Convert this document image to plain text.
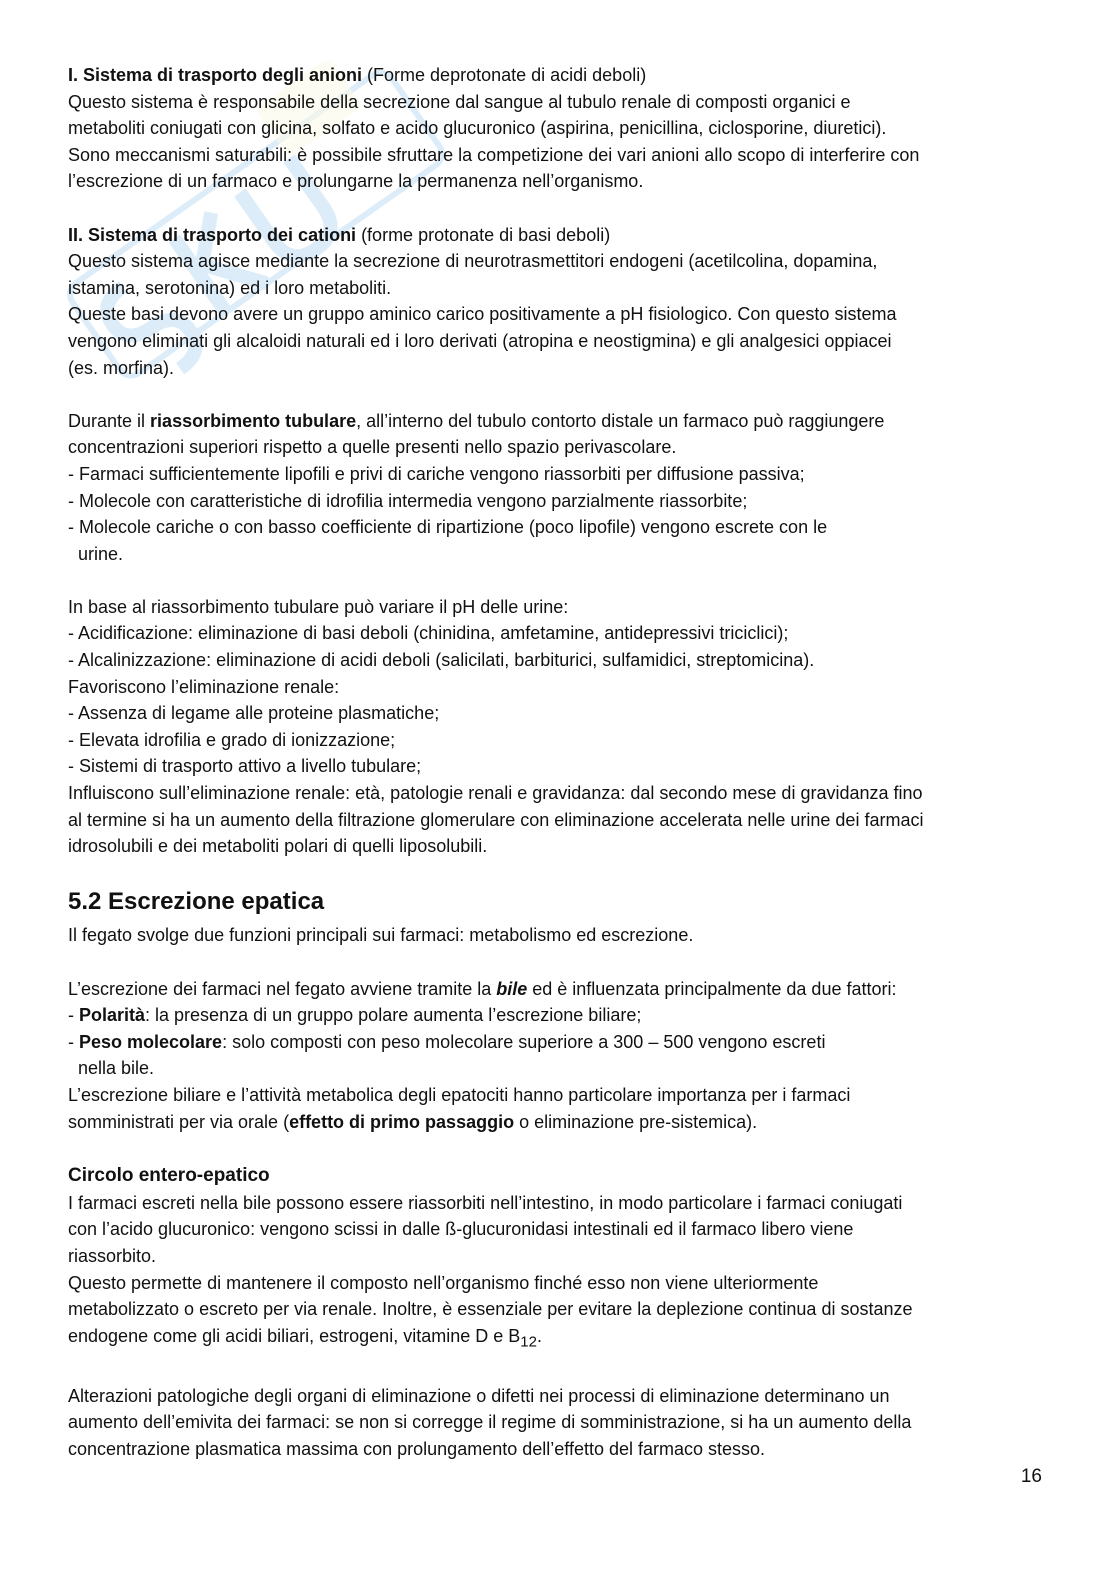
I. Sistema di trasporto degli anioni (Forme deprotonate di acidi deboli)
Questo sistema è responsabile della secrezione dal sangue al tubulo renale di composti organici e
metaboliti coniugati con glicina, solfato e acido glucuronico (aspirina, penicillina, ciclosporine, diuretici).
Sono meccanismi saturabili: è possibile sfruttare la competizione dei vari anioni allo scopo di interferire con
l’escrezione di un farmaco e prolungarne la permanenza nell’organismo.
II. Sistema di trasporto dei cationi (forme protonate di basi deboli)
Questo sistema agisce mediante la secrezione di neurotrasmettitori endogeni (acetilcolina, dopamina,
istamina, serotonina) ed i loro metaboliti.
Queste basi devono avere un gruppo aminico carico positivamente a pH fisiologico. Con questo sistema
vengono eliminati gli alcaloidi naturali ed i loro derivati (atropina e neostigmina) e gli analgesici oppiacei
(es. morfina).
Durante il riassorbimento tubulare, all’interno del tubulo contorto distale un farmaco può raggiungere
concentrazioni superiori rispetto a quelle presenti nello spazio perivascolare.
- Farmaci sufficientemente lipofili e privi di cariche vengono riassorbiti per diffusione passiva;
- Molecole con caratteristiche di idrofilia intermedia vengono parzialmente riassorbite;
- Molecole cariche o con basso coefficiente di ripartizione (poco lipofile) vengono escrete con le
urine.
In base al riassorbimento tubulare può variare il pH delle urine:
- Acidificazione: eliminazione di basi deboli (chinidina, amfetamine, antidepressivi triciclici);
- Alcalinizzazione: eliminazione di acidi deboli (salicilati, barbiturici, sulfamidici, streptomicina).
Favoriscono l’eliminazione renale:
- Assenza di legame alle proteine plasmatiche;
- Elevata idrofilia e grado di ionizzazione;
- Sistemi di trasporto attivo a livello tubulare;
Influiscono sull’eliminazione renale: età, patologie renali e gravidanza: dal secondo mese di gravidanza fino
al termine si ha un aumento della filtrazione glomerulare con eliminazione accelerata nelle urine dei farmaci
idrosolubili e dei metaboliti polari di quelli liposolubili.
5.2 Escrezione epatica
Il fegato svolge due funzioni principali sui farmaci: metabolismo ed escrezione.
L’escrezione dei farmaci nel fegato avviene tramite la bile ed è influenzata principalmente da due fattori:
- Polarità: la presenza di un gruppo polare aumenta l’escrezione biliare;
- Peso molecolare: solo composti con peso molecolare superiore a 300 – 500 vengono escreti
nella bile.
L’escrezione biliare e l’attività metabolica degli epatociti hanno particolare importanza per i farmaci
somministrati per via orale (effetto di primo passaggio o eliminazione pre-sistemica).
Circolo entero-epatico
I farmaci escreti nella bile possono essere riassorbiti nell’intestino, in modo particolare i farmaci coniugati
con l’acido glucuronico: vengono scissi in dalle ß-glucuronidasi intestinali ed il farmaco libero viene
riassorbito.
Questo permette di mantenere il composto nell’organismo finché esso non viene ulteriormente
metabolizzato o escreto per via renale. Inoltre, è essenziale per evitare la deplezione continua di sostanze
endogene come gli acidi biliari, estrogeni, vitamine D e $B_{12}$.
Alterazioni patologiche degli organi di eliminazione o difetti nei processi di eliminazione determinano un
aumento dell’emivita dei farmaci: se non si corregge il regime di somministrazione, si ha un aumento della
concentrazione plasmatica massima con prolungamento dell’effetto del farmaco stesso.
16
